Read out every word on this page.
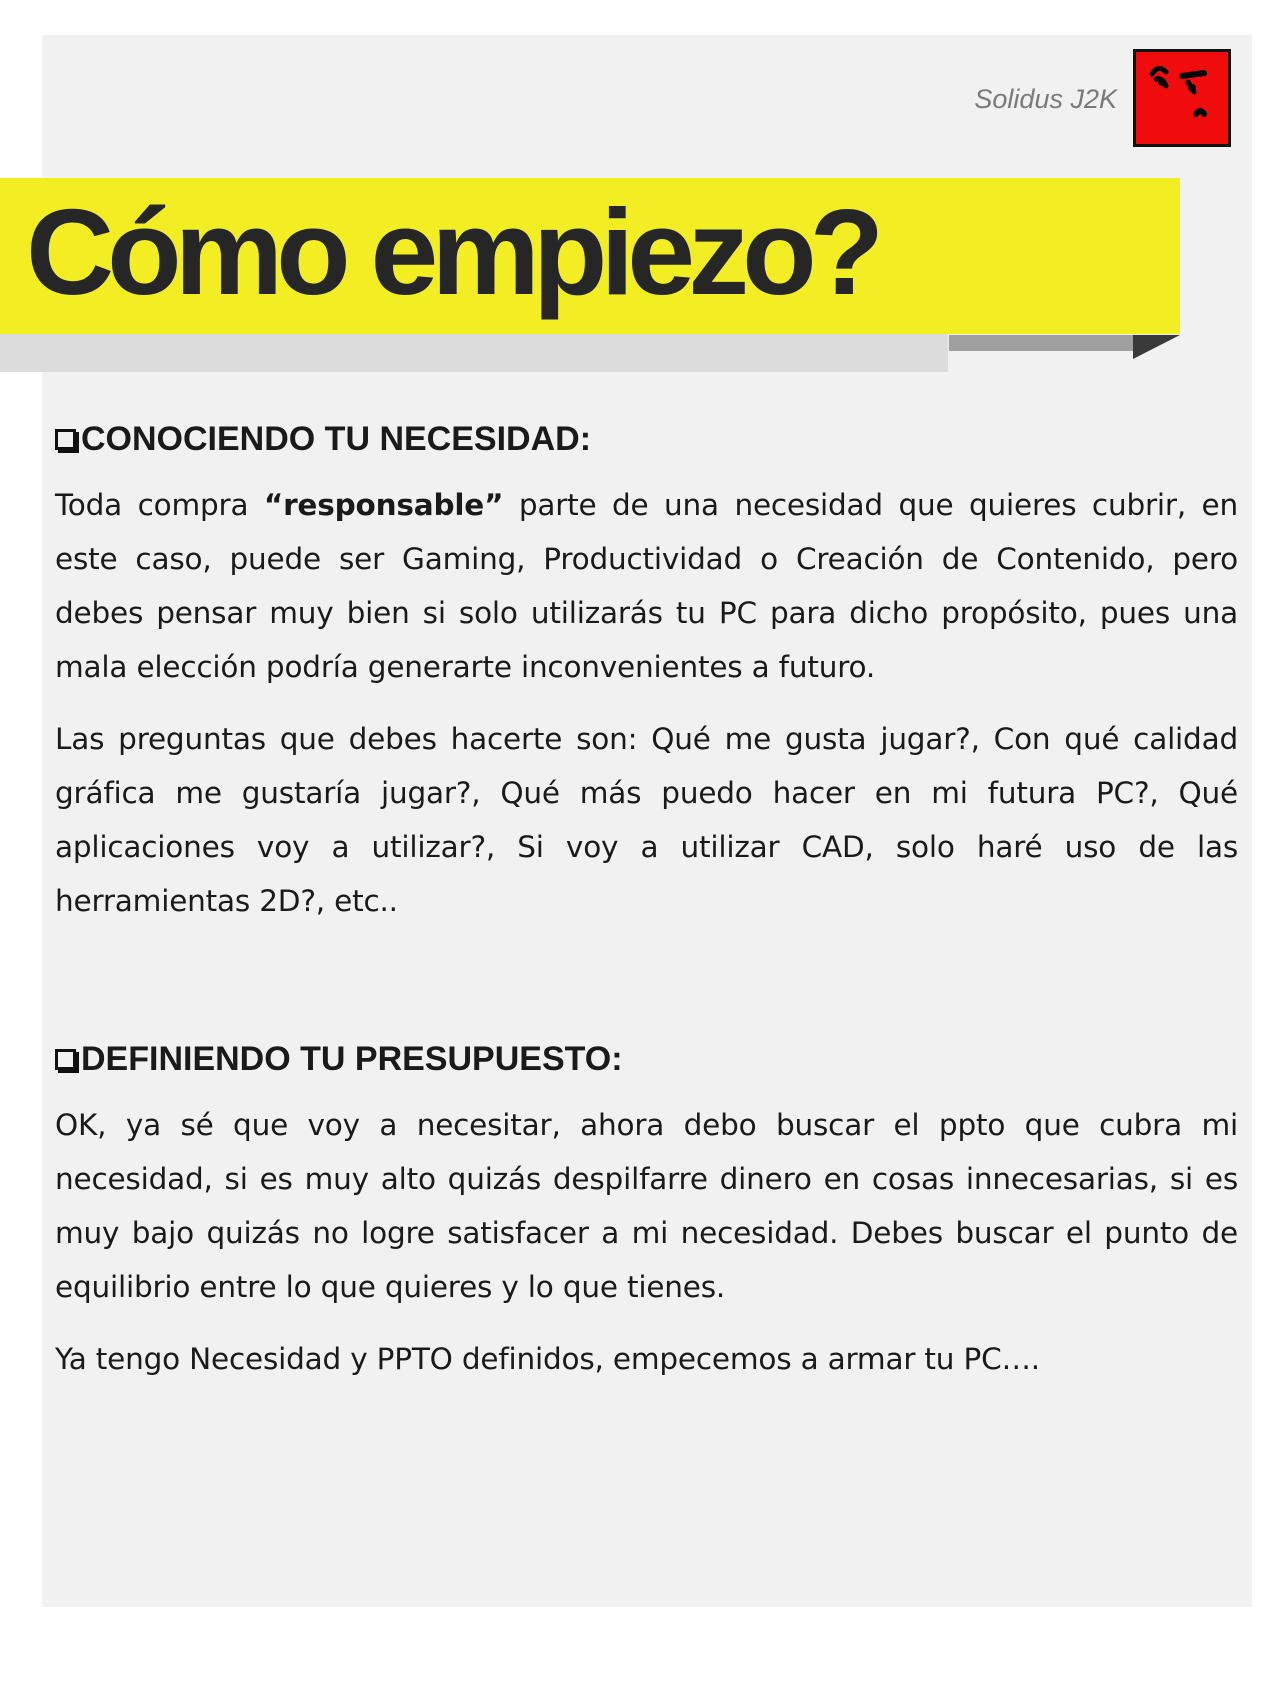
Solidus J2K
Cómo empiezo?
CONOCIENDO TU NECESIDAD:

Toda compra “responsable” parte de una necesidad que quieres cubrir, en este caso, puede ser Gaming, Productividad o Creación de Contenido, pero debes pensar muy bien si solo utilizarás tu PC para dicho propósito, pues una mala elección podría generarte inconvenientes a futuro.

Las preguntas que debes hacerte son: Qué me gusta jugar?, Con qué calidad gráfica me gustaría jugar?, Qué más puedo hacer en mi futura PC?, Qué aplicaciones voy a utilizar?, Si voy a utilizar CAD, solo haré uso de las herramientas 2D?, etc..

DEFINIENDO TU PRESUPUESTO:

OK, ya sé que voy a necesitar, ahora debo buscar el ppto que cubra mi necesidad, si es muy alto quizás despilfarre dinero en cosas innecesarias, si es muy bajo quizás no logre satisfacer a mi necesidad. Debes buscar el punto de equilibrio entre lo que quieres y lo que tienes.

Ya tengo Necesidad y PPTO definidos, empecemos a armar tu PC….
